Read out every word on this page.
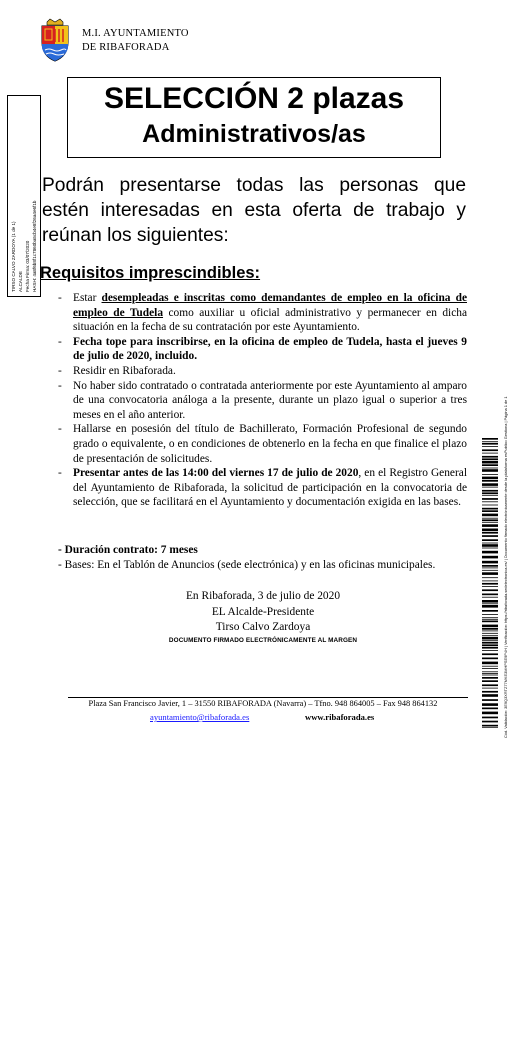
M.I. AYUNTAMIENTO
DE RIBAFORADA
TIRSO CALVO ZARDOYA (1 de 1) ALCALDE Fecha Firma: 03/07/2020 HASH: 4a8f6b8f1c7860ba5cb4e8f26a4e6f1b
SELECCIÓN 2 plazas
Administrativos/as
Podrán presentarse todas las personas que estén interesadas en esta oferta de trabajo y reúnan los siguientes:
Requisitos imprescindibles:
- Estar desempleadas e inscritas como demandantes de empleo en la oficina de empleo de Tudela como auxiliar u oficial administrativo y permanecer en dicha situación en la fecha de su contratación por este Ayuntamiento.
- Fecha tope para inscribirse, en la oficina de empleo de Tudela, hasta el jueves 9 de julio de 2020, incluido.
- Residir en Ribaforada.
- No haber sido contratado o contratada anteriormente por este Ayuntamiento al amparo de una convocatoria análoga a la presente, durante un plazo igual o superior a tres meses en el año anterior.
- Hallarse en posesión del título de Bachillerato, Formación Profesional de segundo grado o equivalente, o en condiciones de obtenerlo en la fecha en que finalice el plazo de presentación de solicitudes.
- Presentar antes de las 14:00 del viernes 17 de julio de 2020, en el Registro General del Ayuntamiento de Ribaforada, la solicitud de participación en la convocatoria de selección, que se facilitará en el Ayuntamiento y documentación exigida en las bases.
- Duración contrato: 7 meses
- Bases: En el Tablón de Anuncios (sede electrónica) y en las oficinas municipales.
En Ribaforada, 3 de julio de 2020
EL Alcalde-Presidente
Tirso Calvo Zardoya
DOCUMENTO FIRMADO ELECTRÓNICAMENTE AL MARGEN
Plaza San Francisco Javier, 1 – 31550 RIBAFORADA (Navarra) – Tfno. 948 864005 – Fax 948 864132
ayuntamiento@ribaforada.es	www.ribaforada.es	Cód. Validación: 3E9Q3XRTZ77MKE3MHPSE9P4H | Verificación: https://ribaforada.sedelectronica.es/ | Documento firmado electrónicamente desde la plataforma esPublico Gestiona | Página 1 de 1
